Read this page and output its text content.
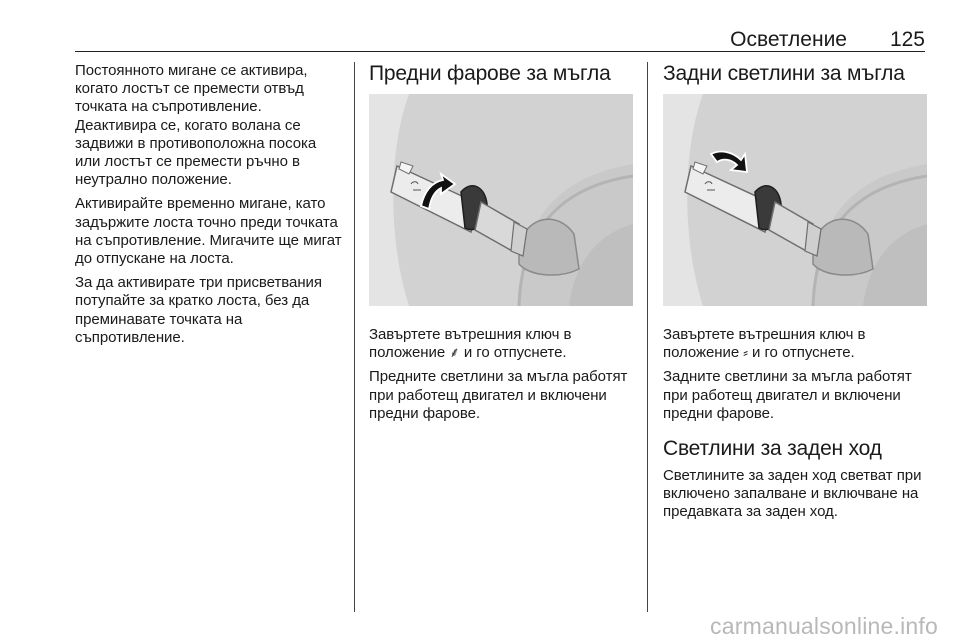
Осветление 125

Постоянното мигане се активира, когато лостът се премести отвъд точката на съпротивление. Деактивира се, когато волана се задвижи в противоположна посока или лостът се премести ръчно в неутрално положение.

Активирайте временно мигане, като задържите лоста точно преди точката на съпротивление. Мигачите ще мигат до отпускане на лоста.

За да активирате три присветвания потупайте за кратко лоста, без да преминавате точката на съпротивление.

Предни фарове за мъгла

Завъртете вътрешния ключ в положение ⸙ и го отпуснете.

Предните светлини за мъгла работят при работещ двигател и включени предни фарове.

Задни светлини за мъгла

Завъртете вътрешния ключ в положение ⸗ и го отпуснете.

Задните светлини за мъгла работят при работещ двигател и включени предни фарове.

Светлини за заден ход

Светлините за заден ход светват при включено запалване и включване на предавката за заден ход.

carmanualsonline.info
